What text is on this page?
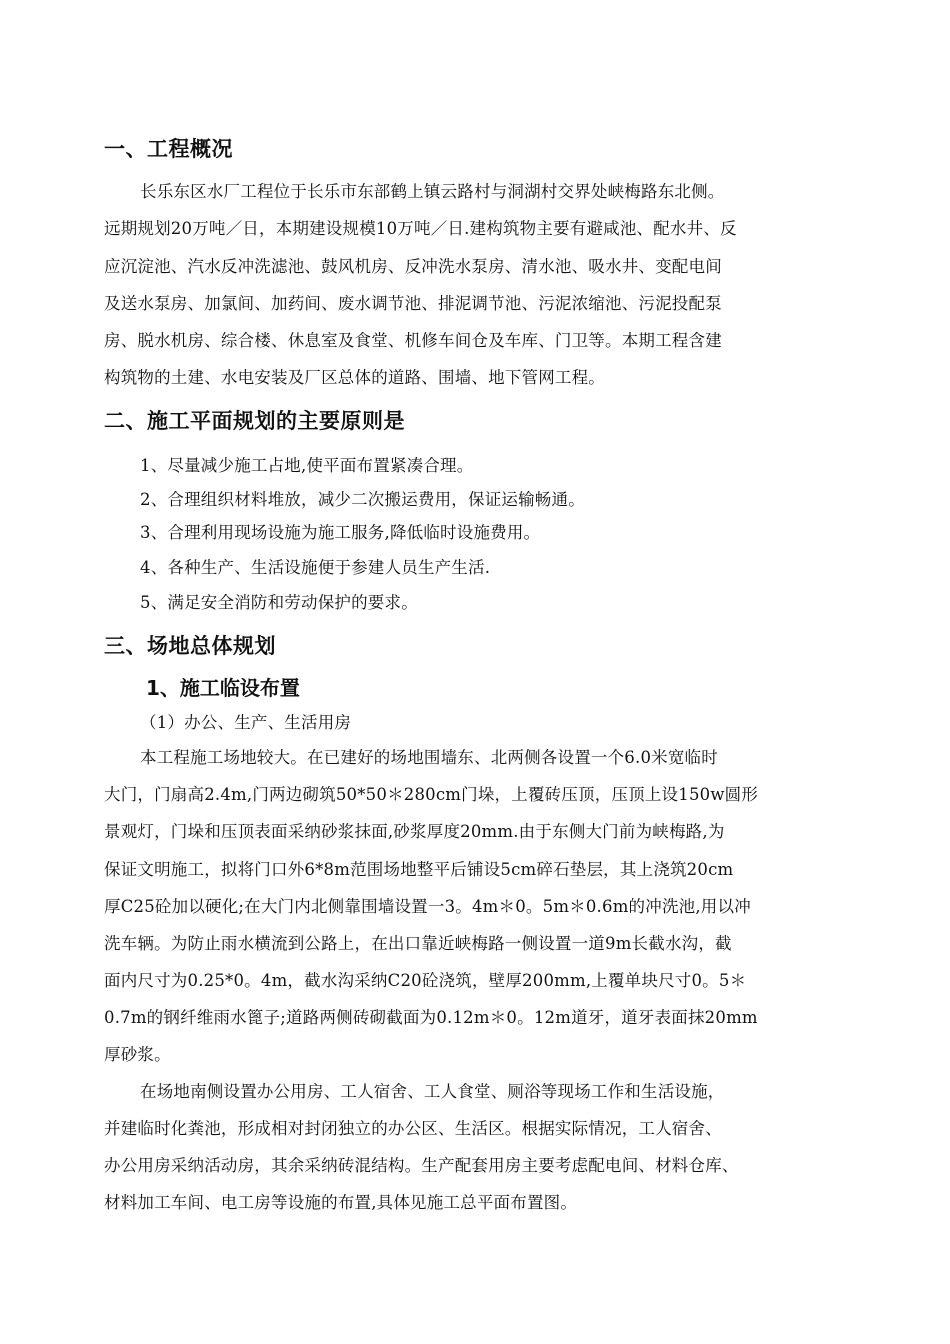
一、工程概况
长乐东区水厂工程位于长乐市东部鹤上镇云路村与洞湖村交界处峡梅路东北侧。
远期规划20万吨／日，本期建设规模10万吨／日.建构筑物主要有避咸池、配水井、反
应沉淀池、汽水反冲洗滤池、鼓风机房、反冲洗水泵房、清水池、吸水井、变配电间
及送水泵房、加氯间、加药间、废水调节池、排泥调节池、污泥浓缩池、污泥投配泵
房、脱水机房、综合楼、休息室及食堂、机修车间仓及车库、门卫等。本期工程含建
构筑物的土建、水电安装及厂区总体的道路、围墙、地下管网工程。
二、施工平面规划的主要原则是
1、尽量减少施工占地,使平面布置紧凑合理。
2、合理组织材料堆放，减少二次搬运费用，保证运输畅通。
3、合理利用现场设施为施工服务,降低临时设施费用。
4、各种生产、生活设施便于参建人员生产生活.
5、满足安全消防和劳动保护的要求。
三、场地总体规划
1、施工临设布置
（1）办公、生产、生活用房
本工程施工场地较大。在已建好的场地围墙东、北两侧各设置一个6.0米宽临时
大门，门扇高2.4m,门两边砌筑50*50＊280cm门垛，上覆砖压顶，压顶上设150w圆形
景观灯，门垛和压顶表面采纳砂浆抹面,砂浆厚度20mm.由于东侧大门前为峡梅路,为
保证文明施工，拟将门口外6*8m范围场地整平后铺设5cm碎石垫层，其上浇筑20cm
厚C25砼加以硬化;在大门内北侧靠围墙设置一3。4m＊0。5m＊0.6m的冲洗池,用以冲
洗车辆。为防止雨水横流到公路上，在出口靠近峡梅路一侧设置一道9m长截水沟，截
面内尺寸为0.25*0。4m，截水沟采纳C20砼浇筑，壁厚200mm,上覆单块尺寸0。5＊
0.7m的钢纤维雨水篦子;道路两侧砖砌截面为0.12m＊0。12m道牙，道牙表面抹20mm
厚砂浆。
在场地南侧设置办公用房、工人宿舍、工人食堂、厕浴等现场工作和生活设施，
并建临时化粪池，形成相对封闭独立的办公区、生活区。根据实际情况，工人宿舍、
办公用房采纳活动房，其余采纳砖混结构。生产配套用房主要考虑配电间、材料仓库、
材料加工车间、电工房等设施的布置,具体见施工总平面布置图。
